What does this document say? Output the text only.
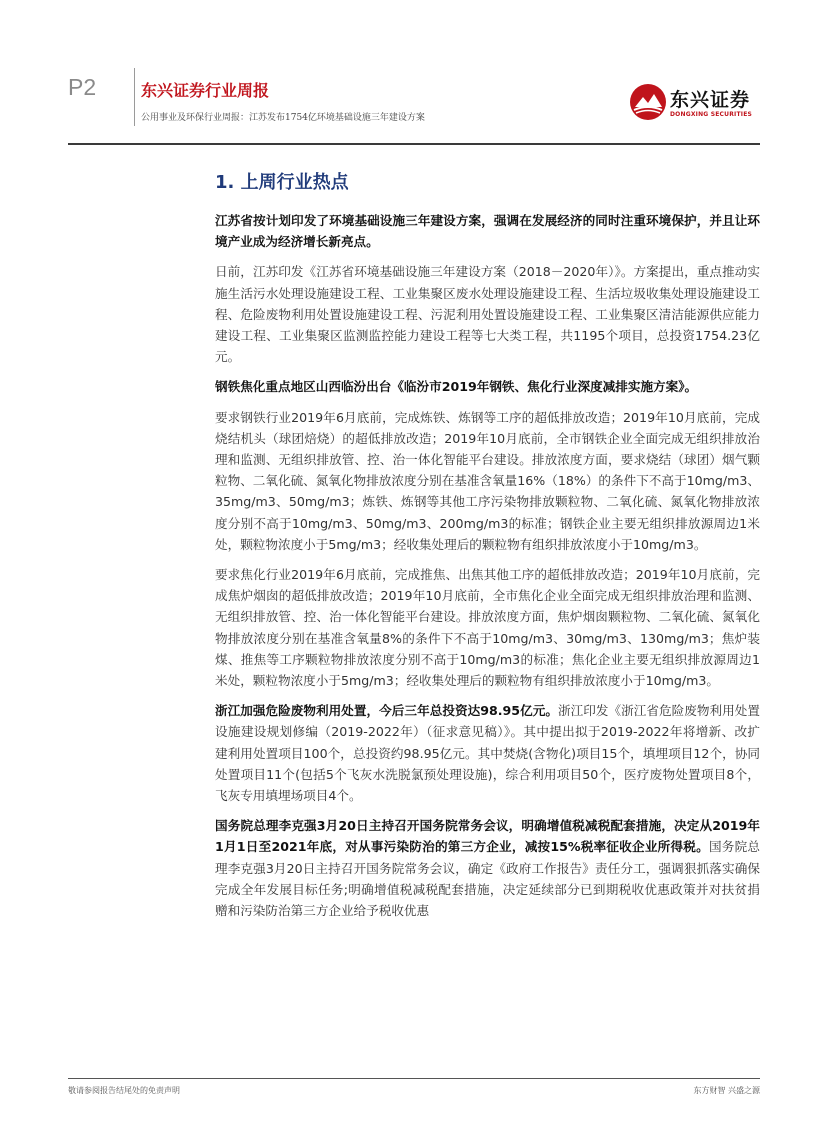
P2	东兴证券行业周报
公用事业及环保行业周报：江苏发布1754亿环境基础设施三年建设方案
东兴证券
DONGXING SECURITIES
1. 上周行业热点

江苏省按计划印发了环境基础设施三年建设方案，强调在发展经济的同时注重环境保护，并且让环境产业成为经济增长新亮点。

日前，江苏印发《江苏省环境基础设施三年建设方案（2018－2020年）》。方案提出，重点推动实施生活污水处理设施建设工程、工业集聚区废水处理设施建设工程、生活垃圾收集处理设施建设工程、危险废物利用处置设施建设工程、污泥利用处置设施建设工程、工业集聚区清洁能源供应能力建设工程、工业集聚区监测监控能力建设工程等七大类工程，共1195个项目，总投资1754.23亿元。

钢铁焦化重点地区山西临汾出台《临汾市2019年钢铁、焦化行业深度减排实施方案》。

要求钢铁行业2019年6月底前，完成炼铁、炼钢等工序的超低排放改造；2019年10月底前，完成烧结机头（球团焙烧）的超低排放改造；2019年10月底前，全市钢铁企业全面完成无组织排放治理和监测、无组织排放管、控、治一体化智能平台建设。排放浓度方面，要求烧结（球团）烟气颗粒物、二氧化硫、氮氧化物排放浓度分别在基准含氧量16%（18%）的条件下不高于10mg/m3、35mg/m3、50mg/m3；炼铁、炼钢等其他工序污染物排放颗粒物、二氧化硫、氮氧化物排放浓度分别不高于10mg/m3、50mg/m3、200mg/m3的标准；钢铁企业主要无组织排放源周边1米处，颗粒物浓度小于5mg/m3；经收集处理后的颗粒物有组织排放浓度小于10mg/m3。

要求焦化行业2019年6月底前，完成推焦、出焦其他工序的超低排放改造；2019年10月底前，完成焦炉烟囱的超低排放改造；2019年10月底前，全市焦化企业全面完成无组织排放治理和监测、无组织排放管、控、治一体化智能平台建设。排放浓度方面，焦炉烟囱颗粒物、二氧化硫、氮氧化物排放浓度分别在基准含氧量8%的条件下不高于10mg/m3、30mg/m3、130mg/m3；焦炉装煤、推焦等工序颗粒物排放浓度分别不高于10mg/m3的标准；焦化企业主要无组织排放源周边1米处，颗粒物浓度小于5mg/m3；经收集处理后的颗粒物有组织排放浓度小于10mg/m3。

浙江加强危险废物利用处置，今后三年总投资达98.95亿元。浙江印发《浙江省危险废物利用处置设施建设规划修编（2019-2022年）（征求意见稿）》。其中提出拟于2019-2022年将增新、改扩建利用处置项目100个，总投资约98.95亿元。其中焚烧(含物化)项目15个，填埋项目12个，协同处置项目11个(包括5个飞灰水洗脱氯预处理设施)，综合利用项目50个，医疗废物处置项目8个，飞灰专用填埋场项目4个。

国务院总理李克强3月20日主持召开国务院常务会议，明确增值税减税配套措施，决定从2019年1月1日至2021年底，对从事污染防治的第三方企业，减按15%税率征收企业所得税。国务院总理李克强3月20日主持召开国务院常务会议，确定《政府工作报告》责任分工，强调狠抓落实确保完成全年发展目标任务;明确增值税减税配套措施，决定延续部分已到期税收优惠政策并对扶贫捐赠和污染防治第三方企业给予税收优惠

敬请参阅报告结尾处的免责声明	东方财智 兴盛之源
